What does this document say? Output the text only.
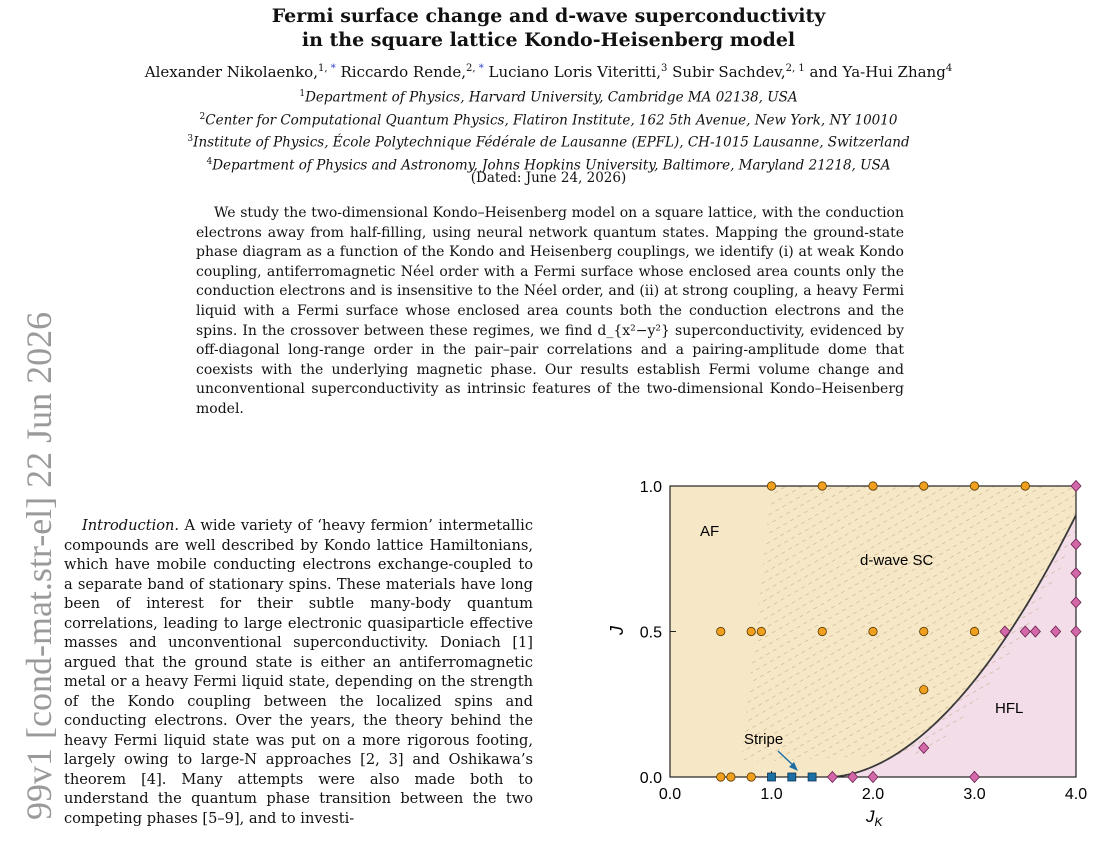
Fermi surface change and d-wave superconductivity
in the square lattice Kondo-Heisenberg model
Alexander Nikolaenko,$^{1, *}$ Riccardo Rende,$^{2, *}$ Luciano Loris Viteritti,$^3$ Subir Sachdev,$^{2, 1}$ and Ya-Hui Zhang$^4$
$^1$Department of Physics, Harvard University, Cambridge MA 02138, USA
$^2$Center for Computational Quantum Physics, Flatiron Institute, 162 5th Avenue, New York, NY 10010
$^3$Institute of Physics, École Polytechnique Fédérale de Lausanne (EPFL), CH-1015 Lausanne, Switzerland
$^4$Department of Physics and Astronomy, Johns Hopkins University, Baltimore, Maryland 21218, USA
(Dated: June 24, 2026)

We study the two-dimensional Kondo–Heisenberg model on a square lattice, with the conduction electrons away from half-filling, using neural network quantum states. Mapping the ground-state phase diagram as a function of the Kondo and Heisenberg couplings, we identify (i) at weak Kondo coupling, antiferromagnetic Néel order with a Fermi surface whose enclosed area counts only the conduction electrons and is insensitive to the Néel order, and (ii) at strong coupling, a heavy Fermi liquid with a Fermi surface whose enclosed area counts both the conduction electrons and the spins. In the crossover between these regimes, we find d_{x²−y²} superconductivity, evidenced by off-diagonal long-range order in the pair–pair correlations and a pairing-amplitude dome that coexists with the underlying magnetic phase. Our results establish Fermi volume change and unconventional superconductivity as intrinsic features of the two-dimensional Kondo–Heisenberg model.

99v1 [cond-mat.str-el] 22 Jun 2026	Introduction. A wide variety of ‘heavy fermion’ intermetallic compounds are well described by Kondo lattice Hamiltonians, which have mobile conducting electrons exchange-coupled to a separate band of stationary spins. These materials have long been of interest for their subtle many-body quantum correlations, leading to large electronic quasiparticle effective masses and unconventional superconductivity. Doniach [1] argued that the ground state is either an antiferromagnetic metal or a heavy Fermi liquid state, depending on the strength of the Kondo coupling between the localized spins and conducting electrons. Over the years, the theory behind the heavy Fermi liquid state was put on a more rigorous footing, largely owing to large-N approaches [2, 3] and Oshikawa’s theorem [4]. Many attempts were also made both to understand the quantum phase transition between the two competing phases [5–9], and to investi-

0.0	1.0	2.0	3.0	4.0
0.0
0.5
1.0
AF
d-wave SC
HFL
Stripe
$J_K$
J
